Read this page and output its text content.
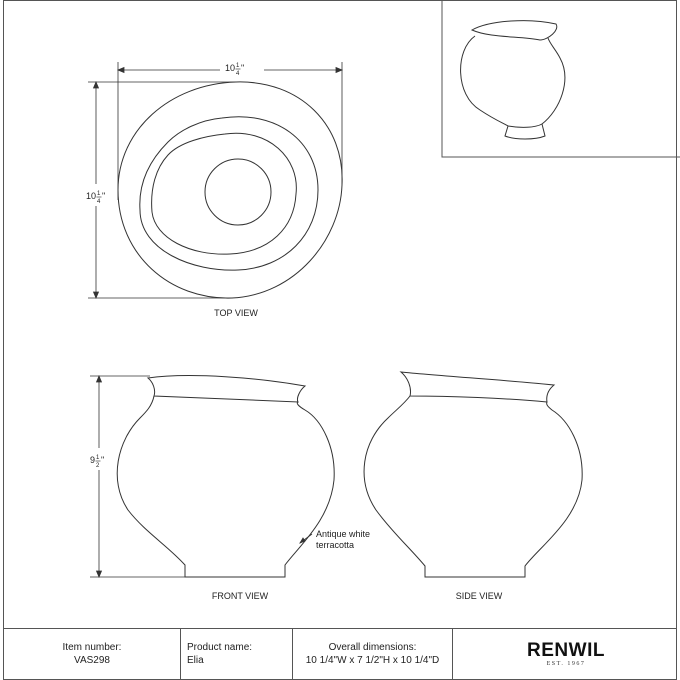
10 1
4
"
10 1
4
"
TOP VIEW
9 1
2
"
Antique white
terracotta
FRONT VIEW	SIDE VIEW
Item number:
VAS298
Product name:
Elia
Overall dimensions:
10 1/4"W x 7 1/2"H x 10 1/4"D	RENWIL
EST. 1967
